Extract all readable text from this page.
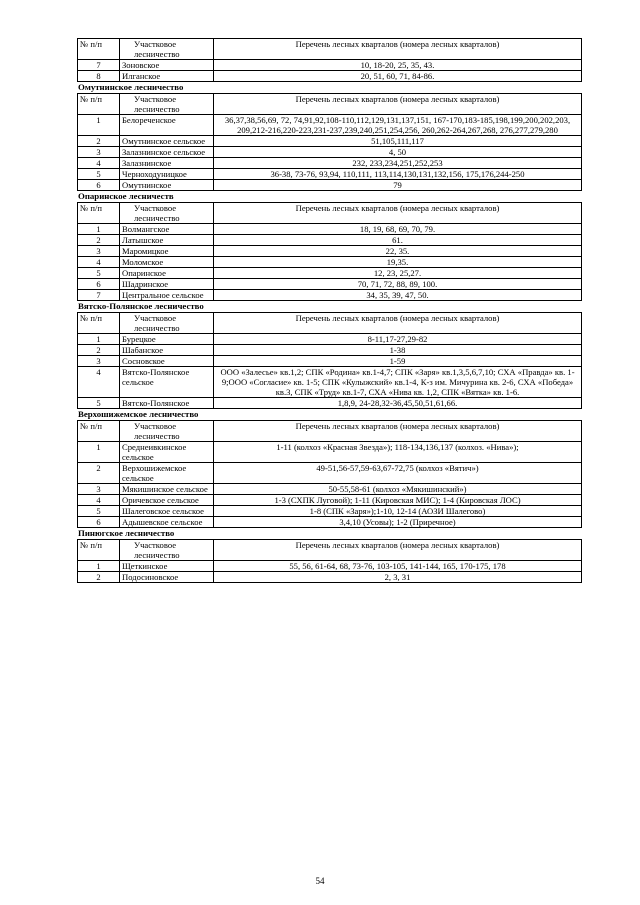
№ п/п	Участковое лесничество	Перечень лесных кварталов (номера лесных кварталов)
7	Зоновское	10, 18-20, 25, 35, 43.
8	Илганское	20, 51, 60, 71, 84-86.
Омутнинское лесничество
№ п/п	Участковое лесничество	Перечень лесных кварталов (номера лесных кварталов)
1	Белореченское	36,37,38,56,69, 72, 74,91,92,108-110,112,129,131,137,151, 167-170,183-185,198,199,200,202,203, 209,212-216,220-223,231-237,239,240,251,254,256, 260,262-264,267,268, 276,277,279,280
2	Омутнинское сельское	51,105,111,117
3	Залазнинское сельское	4, 50
4	Залазнинское	232, 233,234,251,252,253
5	Черноходуницкое	36-38, 73-76, 93,94, 110,111, 113,114,130,131,132,156, 175,176,244-250
6	Омутнинское	79
Опаринское лесничеств
№ п/п	Участковое лесничество	Перечень лесных кварталов (номера лесных кварталов)
1	Волмангское	18, 19, 68, 69, 70, 79.
2	Латышское	61.
3	Маромицкое	22, 35.
4	Моломское	19,35.
5	Опаринское	12, 23, 25,27.
6	Шадринское	70, 71, 72, 88, 89, 100.
7	Центральное сельское	34, 35, 39, 47, 50.
Вятско-Полянское лесничество
№ п/п	Участковое лесничество	Перечень лесных кварталов (номера лесных кварталов)
1	Бурецкое	8-11,17-27,29-82
2	Шабанское	1-38
3	Сосновское	1-59
4	Вятско-Полянское сельское	ООО «Залесье» кв.1,2; СПК «Родина» кв.1-4,7; СПК «Заря» кв.1,3,5,6,7,10; СХА «Правда» кв. 1-9;ООО «Согласие» кв. 1-5; СПК «Кулыжский» кв.1-4, К-з им. Мичурина кв. 2-6, СХА «Победа» кв.3, СПК «Труд» кв.1-7, СХА «Нива кв. 1,2, СПК «Вятка» кв. 1-6.
5	Вятско-Полянское	1,8,9, 24-28,32-36,45,50,51,61,66.
Верхошижемское лесничество
№ п/п	Участковое лесничество	Перечень лесных кварталов (номера лесных кварталов)
1	Среднеивкинское сельское	1-11 (колхоз «Красная Звезда»); 118-134,136,137 (колхоз. «Нива»);
2	Верхошижемское сельское	49-51,56-57,59-63,67-72,75 (колхоз «Вятич»)
3	Мякишинское сельское	50-55,58-61 (колхоз «Мякишинский»)
4	Оричевское сельское	1-3 (СХПК Луговой); 1-11 (Кировская МИС); 1-4 (Кировская ЛОС)
5	Шалеговское сельское	1-8 (СПК «Заря»);1-10, 12-14 (АОЗИ Шалегово)
6	Адышевское сельское	3,4,10 (Усовы); 1-2 (Приречное)
Пинюгское лесничество
№ п/п	Участковое лесничество	Перечень лесных кварталов (номера лесных кварталов)
1	Щеткинское	55, 56, 61-64, 68, 73-76, 103-105, 141-144, 165, 170-175, 178
2	Подосиновское	2, 3, 31
54
